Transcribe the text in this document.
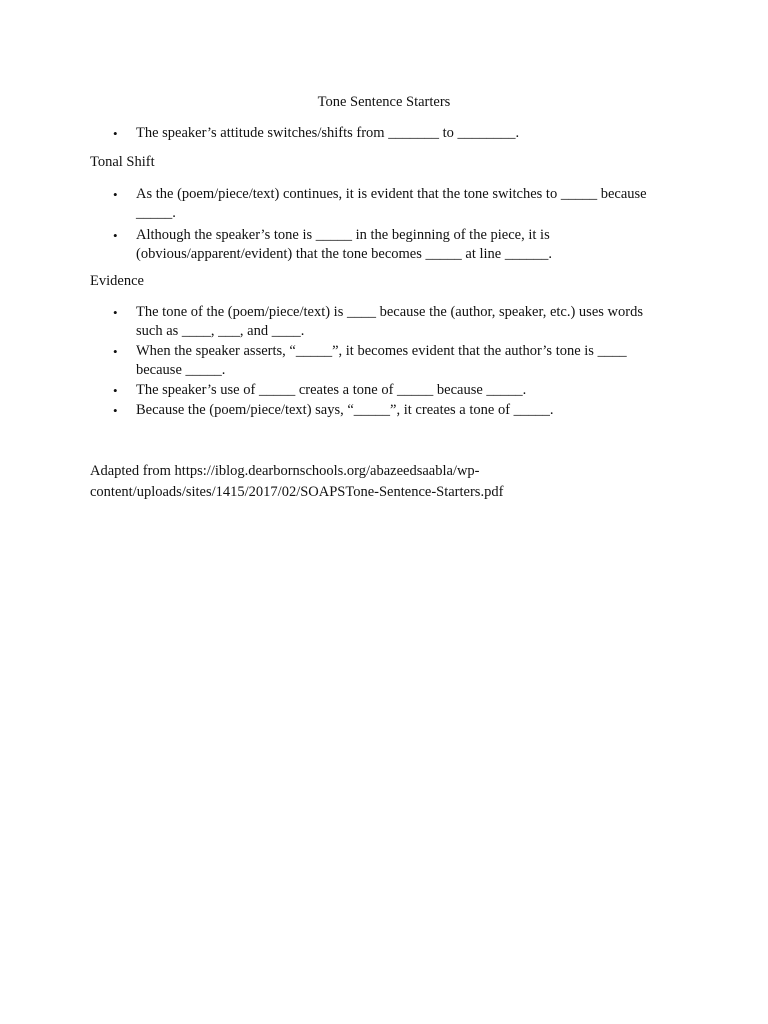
Tone Sentence Starters
• The speaker’s attitude switches/shifts from _______ to ________.
Tonal Shift
• As the (poem/piece/text) continues, it is evident that the tone switches to _____ because _____.
• Although the speaker’s tone is _____ in the beginning of the piece, it is (obvious/apparent/evident) that the tone becomes _____ at line ______.
Evidence
• The tone of the (poem/piece/text) is ____ because the (author, speaker, etc.) uses words such as ____, ___, and ____.
• When the speaker asserts, “_____”, it becomes evident that the author’s tone is ____ because _____.
• The speaker’s use of _____ creates a tone of _____ because _____.
• Because the (poem/piece/text) says, “_____”, it creates a tone of _____.
Adapted from https://iblog.dearbornschools.org/abazeedsaabla/wp-
content/uploads/sites/1415/2017/02/SOAPSTone-Sentence-Starters.pdf
